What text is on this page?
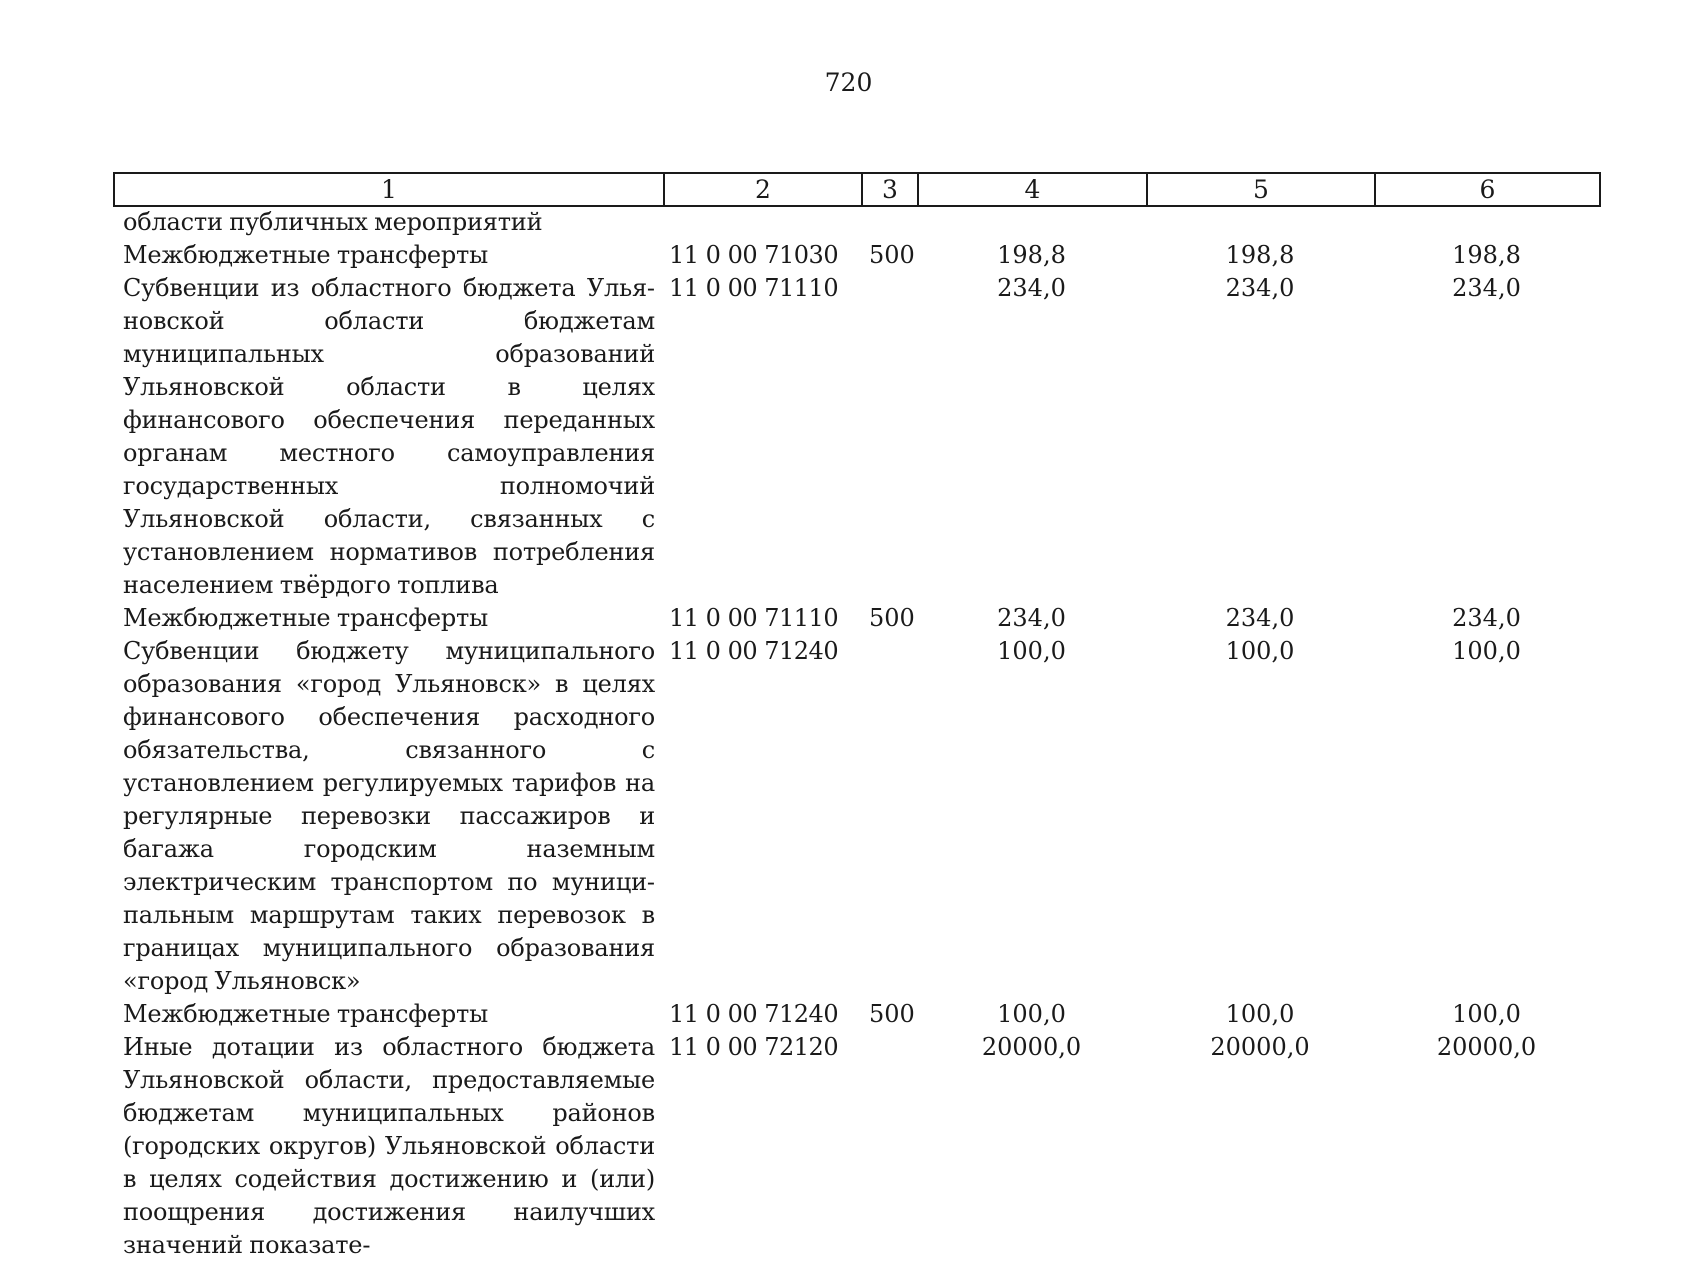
720
1	2	3	4	5	6
области публичных мероприятий					
Межбюджетные трансферты	11 0 00 71030	500	198,8	198,8	198,8
Субвенции из областного бюджета Ульяновской области бюджетам муниципальных образований Ульяновской области в целях финансового обеспечения переданных органам местного самоуправления государственных полномочий Ульяновской области, связанных с установлением нормативов потребления населением твёрдого топлива	11 0 00 71110		234,0	234,0	234,0
Межбюджетные трансферты	11 0 00 71110	500	234,0	234,0	234,0
Субвенции бюджету муниципального образования «город Ульяновск» в целях финансового обеспечения расходного обязательства, связанного с установлением регулируемых тарифов на регулярные перевозки пассажиров и багажа городским наземным электрическим транспортом по муниципальным маршрутам таких перевозок в границах муниципального образования «город Ульяновск»	11 0 00 71240		100,0	100,0	100,0
Межбюджетные трансферты	11 0 00 71240	500	100,0	100,0	100,0
Иные дотации из областного бюджета Ульяновской области, предоставляемые бюджетам муниципальных районов (городских округов) Ульяновской области в целях содействия достижению и (или) поощрения достижения наилучших значений показате-	11 0 00 72120		20000,0	20000,0	20000,0
